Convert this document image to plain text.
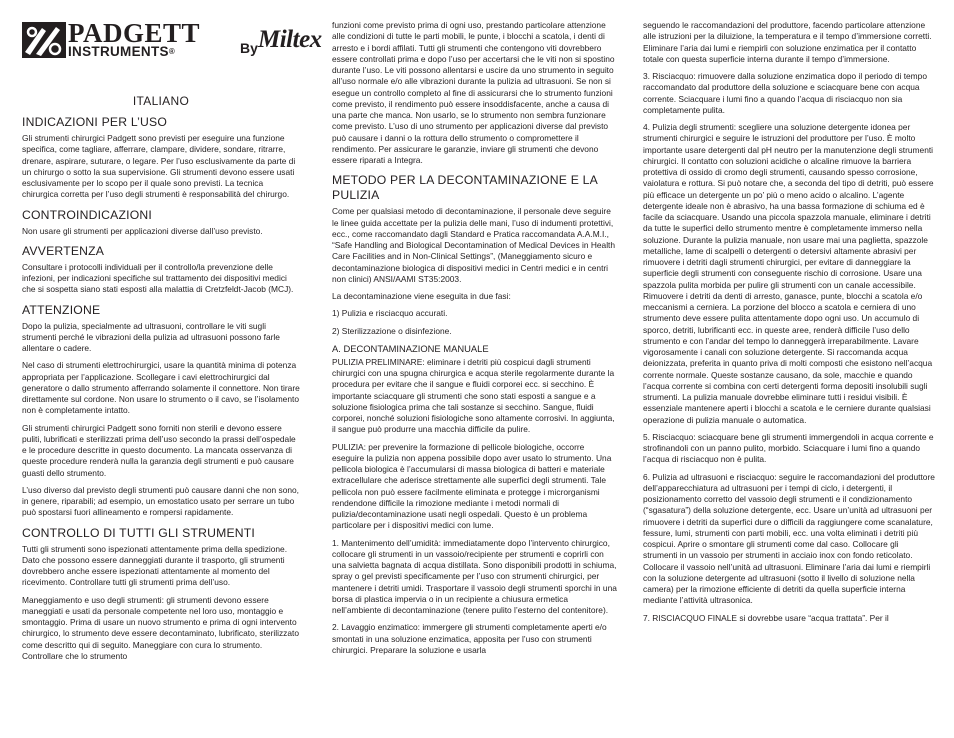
PADGETT
INSTRUMENTS®	By Miltex
ITALIANO
INDICAZIONI PER L’USO

Gli strumenti chirurgici Padgett sono previsti per eseguire una funzione specifica, come tagliare, afferrare, clampare, dividere, sondare, ritrarre, drenare, aspirare, suturare, o legare. Per l’uso esclusivamente da parte di un chirurgo o sotto la sua supervisione. Gli strumenti devono essere usati esclusivamente per lo scopo per il quale sono previsti. La tecnica chirurgica corretta per l’uso degli strumenti è responsabilità del chirurgo.

CONTROINDICAZIONI

Non usare gli strumenti per applicazioni diverse dall’uso previsto.

AVVERTENZA

Consultare i protocolli individuali per il controllo/la prevenzione delle infezioni, per indicazioni specifiche sul trattamento dei dispositivi medici che si sospetta siano stati esposti alla malattia di Cretzfeldt-Jacob (MCJ).

ATTENZIONE

Dopo la pulizia, specialmente ad ultrasuoni, controllare le viti sugli strumenti perché le vibrazioni della pulizia ad ultrasuoni possono farle allentare o cadere.

Nel caso di strumenti elettrochirurgici, usare la quantità minima di potenza appropriata per l’applicazione. Scollegare i cavi elettrochirurgici dal generatore o dallo strumento afferrando solamente il connettore. Non tirare direttamente sul cordone. Non usare lo strumento o il cavo, se l’isolamento non è completamente intatto.

Gli strumenti chirurgici Padgett sono forniti non sterili e devono essere puliti, lubrificati e sterilizzati prima dell’uso secondo la prassi dell’ospedale e le procedure descritte in questo documento. La mancata osservanza di queste procedure renderà nulla la garanzia degli strumenti e può causare guasti dello strumento.

L’uso diverso dal previsto degli strumenti può causare danni che non sono, in genere, riparabili; ad esempio, un emostatico usato per serrare un tubo può spostarsi fuori allineamento e rompersi rapidamente.

CONTROLLO DI TUTTI GLI STRUMENTI

Tutti gli strumenti sono ispezionati attentamente prima della spedizione. Dato che possono essere danneggiati durante il trasporto, gli strumenti dovrebbero anche essere ispezionati attentamente al momento del ricevimento. Controllare tutti gli strumenti prima dell’uso.

Maneggiamento e uso degli strumenti: gli strumenti devono essere maneggiati e usati da personale competente nel loro uso, montaggio e smontaggio. Prima di usare un nuovo strumento e prima di ogni intervento chirurgico, lo strumento deve essere decontaminato, lubrificato, sterilizzato come descritto qui di seguito. Maneggiare con cura lo strumento. Controllare che lo strumento

funzioni come previsto prima di ogni uso, prestando particolare attenzione alle condizioni di tutte le parti mobili, le punte, i blocchi a scatola, i denti di arresto e i bordi affilati. Tutti gli strumenti che contengono viti dovrebbero essere controllati prima e dopo l’uso per accertarsi che le viti non si spostino durante l’uso. Le viti possono allentarsi e uscire da uno strumento in seguito all’uso normale e/o alle vibrazioni durante la pulizia ad ultrasuoni. Se non si esegue un controllo completo al fine di assicurarsi che lo strumento funzioni come previsto, il rendimento può essere insoddisfacente, anche a causa di una parte che manca. Non usarlo, se lo strumento non sembra funzionare come previsto. L’uso di uno strumento per applicazioni diverse dal previsto può causare i danni o la rottura dello strumento o compromettere il rendimento. Per assicurare le garanzie, inviare gli strumenti che devono essere riparati a Integra.

METODO PER LA DECONTAMINAZIONE E LA PULIZIA

Come per qualsiasi metodo di decontaminazione, il personale deve seguire le linee guida accettate per la pulizia delle mani, l’uso di indumenti protettivi, ecc., come raccomandato dagli Standard e Pratica raccomandata A.A.M.I., “Safe Handling and Biological Decontamination of Medical Devices in Health Care Facilities and in Non-Clinical Settings”, (Maneggiamento sicuro e decontaminazione biologica di dispositivi medici in Centri medici e in centri non clinici) ANSI/AAMI ST35:2003.

La decontaminazione viene eseguita in due fasi:

1) Pulizia e risciacquo accurati.

2) Sterilizzazione o disinfezione.

A. DECONTAMINAZIONE MANUALE

PULIZIA PRELIMINARE: eliminare i detriti più cospicui dagli strumenti chirurgici con una spugna chirurgica e acqua sterile regolarmente durante la procedura per evitare che il sangue e fluidi corporei ecc. si secchino. È importante sciacquare gli strumenti che sono stati esposti a sangue e a soluzione fisiologica prima che tali sostanze si secchino. Sangue, fluidi corporei, nonché soluzioni fisiologiche sono altamente corrosivi. In aggiunta, il sangue può produrre una macchia difficile da pulire.

PULIZIA: per prevenire la formazione di pellicole biologiche, occorre eseguire la pulizia non appena possibile dopo aver usato lo strumento. Una pellicola biologica è l’accumularsi di massa biologica di batteri e materiale extracellulare che aderisce strettamente alle superfici degli strumenti. Tale pellicola non può essere facilmente eliminata e protegge i microrganismi rendendone difficile la rimozione mediante i metodi normali di pulizia/decontaminazione usati negli ospedali. Questo è un problema particolare per i dispositivi medici con lume.

1. Mantenimento dell’umidità: immediatamente dopo l’intervento chirurgico, collocare gli strumenti in un vassoio/recipiente per strumenti e coprirli con una salvietta bagnata di acqua distillata. Sono disponibili prodotti in schiuma, spray o gel previsti specificamente per l’uso con strumenti chirurgici, per mantenere i detriti umidi. Trasportare il vassoio degli strumenti sporchi in una borsa di plastica impervia o in un recipiente a chiusura ermetica nell’ambiente di decontaminazione (tenere pulito l’esterno del contenitore).

2. Lavaggio enzimatico: immergere gli strumenti completamente aperti e/o smontati in una soluzione enzimatica, apposita per l’uso con strumenti chirurgici. Preparare la soluzione e usarla

seguendo le raccomandazioni del produttore, facendo particolare attenzione alle istruzioni per la diluizione, la temperatura e il tempo d’immersione corretti. Eliminare l’aria dai lumi e riempirli con soluzione enzimatica per il contatto totale con questa superficie interna durante il tempo d’immersione.

3. Risciacquo: rimuovere dalla soluzione enzimatica dopo il periodo di tempo raccomandato dal produttore della soluzione e sciacquare bene con acqua corrente. Sciacquare i lumi fino a quando l’acqua di risciacquo non sia completamente pulita.

4. Pulizia degli strumenti: scegliere una soluzione detergente idonea per strumenti chirurgici e seguire le istruzioni del produttore per l’uso. È molto importante usare detergenti dal pH neutro per la manutenzione degli strumenti chirurgici. Il contatto con soluzioni acidiche o alcaline rimuove la barriera protettiva di ossido di cromo degli strumenti, causando spesso corrosione, vaiolatura e rottura. Si può notare che, a seconda del tipo di detriti, può essere più efficace un detergente un po’ più o meno acido o alcalino. L’agente detergente ideale non è abrasivo, ha una bassa formazione di schiuma ed è facile da sciacquare. Usando una piccola spazzola manuale, eliminare i detriti da tutte le superfici dello strumento mentre è completamente immerso nella soluzione. Durante la pulizia manuale, non usare mai una paglietta, spazzole metalliche, lame di scalpelli o detergenti o detersivi altamente abrasivi per rimuovere i detriti dagli strumenti chirurgici, per evitare di danneggiare la superficie degli strumenti con conseguente rischio di corrosione. Usare una spazzola pulita morbida per pulire gli strumenti con un canale accessibile. Rimuovere i detriti da denti di arresto, ganasce, punte, blocchi a scatola e/o meccanismi a cerniera. La porzione del blocco a scatola e cerniera di uno strumento deve essere pulita attentamente dopo ogni uso. Un accumulo di sporco, detriti, lubrificanti ecc. in queste aree, renderà difficile l’uso dello strumento e con l’andar del tempo lo danneggerà irreparabilmente. Lavare vigorosamente i canali con soluzione detergente. Si raccomanda acqua deionizzata, preferita in quanto priva di molti composti che esistono nell’acqua corrente normale. Queste sostanze causano, da sole, macchie e quando l’acqua corrente si combina con certi detergenti forma depositi insolubili sugli strumenti. La pulizia manuale dovrebbe eliminare tutti i residui visibili. È essenziale mantenere aperti i blocchi a scatola e le cerniere durante qualsiasi operazione di pulizia manuale o automatica.

5. Risciacquo: sciacquare bene gli strumenti immergendoli in acqua corrente e strofinandoli con un panno pulito, morbido. Sciacquare i lumi fino a quando l’acqua di risciacquo non è pulita.

6. Pulizia ad ultrasuoni e risciacquo: seguire le raccomandazioni del produttore dell’apparecchiatura ad ultrasuoni per i tempi di ciclo, i detergenti, il posizionamento corretto del vassoio degli strumenti e il condizionamento (“sgasatura”) della soluzione detergente, ecc. Usare un’unità ad ultrasuoni per rimuovere i detriti da superfici dure o difficili da raggiungere come scanalature, fessure, lumi, strumenti con parti mobili, ecc. una volta eliminati i detriti più cospicui. Aprire o smontare gli strumenti come dal caso. Collocare gli strumenti in un vassoio per strumenti in acciaio inox con fondo reticolato. Collocare il vassoio nell’unità ad ultrasuoni. Eliminare l’aria dai lumi e riempirli con la soluzione detergente ad ultrasuoni (sotto il livello di soluzione nella camera) per la rimozione efficiente di detriti da quella superficie interna mediante l’attività ultrasonica.

7. RISCIACQUO FINALE si dovrebbe usare “acqua trattata”. Per il
